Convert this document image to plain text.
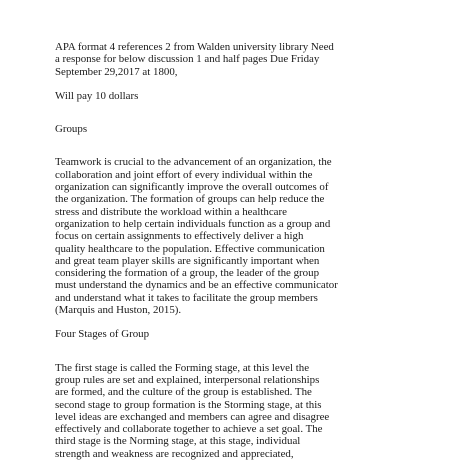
APA format 4 references 2 from Walden university library Need
a response for below discussion 1 and half pages Due Friday
September 29,2017 at 1800,
Will pay 10 dollars
Groups
Teamwork is crucial to the advancement of an organization, the
collaboration and joint effort of every individual within the
organization can significantly improve the overall outcomes of
the organization. The formation of groups can help reduce the
stress and distribute the workload within a healthcare
organization to help certain individuals function as a group and
focus on certain assignments to effectively deliver a high
quality healthcare to the population. Effective communication
and great team player skills are significantly important when
considering the formation of a group, the leader of the group
must understand the dynamics and be an effective communicator
and understand what it takes to facilitate the group members
(Marquis and Huston, 2015).
Four Stages of Group
The first stage is called the Forming stage, at this level the
group rules are set and explained, interpersonal relationships
are formed, and the culture of the group is established. The
second stage to group formation is the Storming stage, at this
level ideas are exchanged and members can agree and disagree
effectively and collaborate together to achieve a set goal. The
third stage is the Norming stage, at this stage, individual
strength and weakness are recognized and appreciated,
